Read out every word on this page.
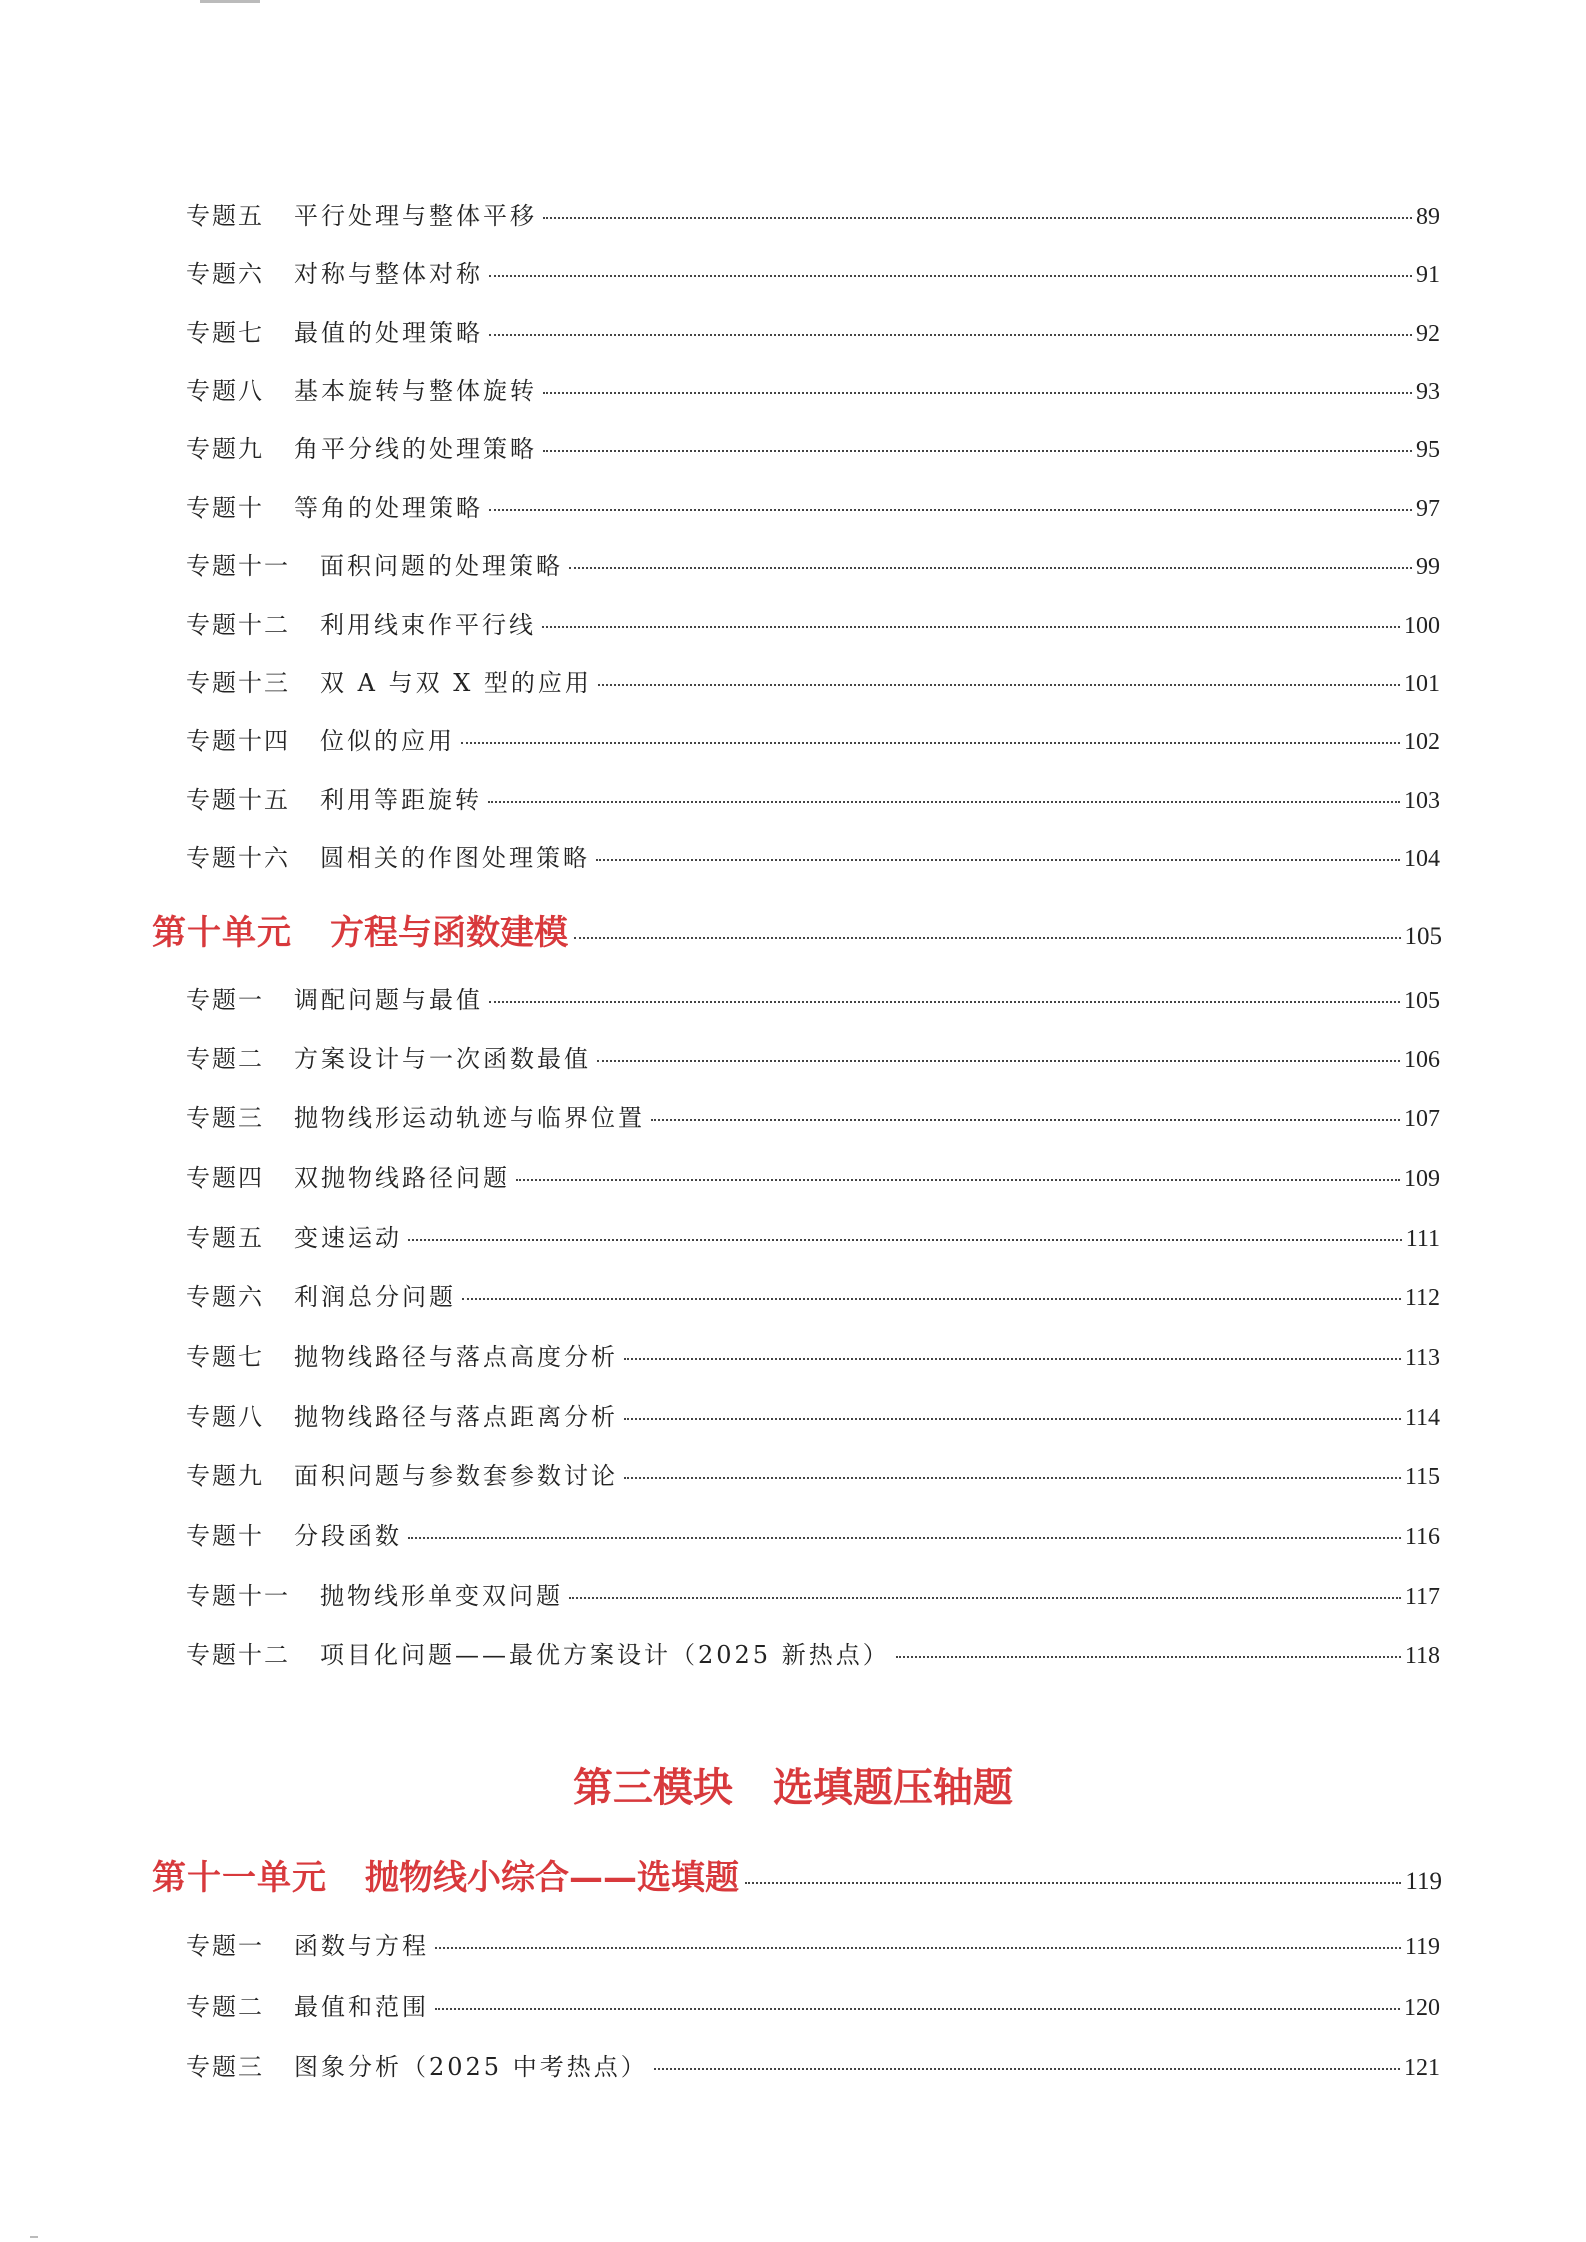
专题五 平行处理与整体平移	89
专题六 对称与整体对称	91
专题七 最值的处理策略	92
专题八 基本旋转与整体旋转	93
专题九 角平分线的处理策略	95
专题十 等角的处理策略	97
专题十一 面积问题的处理策略	99
专题十二 利用线束作平行线	100
专题十三 双 A 与双 X 型的应用	101
专题十四 位似的应用	102
专题十五 利用等距旋转	103
专题十六 圆相关的作图处理策略	104
第十单元 方程与函数建模	105
专题一 调配问题与最值	105
专题二 方案设计与一次函数最值	106
专题三 抛物线形运动轨迹与临界位置	107
专题四 双抛物线路径问题	109
专题五 变速运动	111
专题六 利润总分问题	112
专题七 抛物线路径与落点高度分析	113
专题八 抛物线路径与落点距离分析	114
专题九 面积问题与参数套参数讨论	115
专题十 分段函数	116
专题十一 抛物线形单变双问题	117
专题十二 项目化问题——最优方案设计（2025 新热点）	118
第三模块 选填题压轴题
第十一单元 抛物线小综合——选填题	119
专题一 函数与方程	119
专题二 最值和范围	120
专题三 图象分析（2025 中考热点）	121
